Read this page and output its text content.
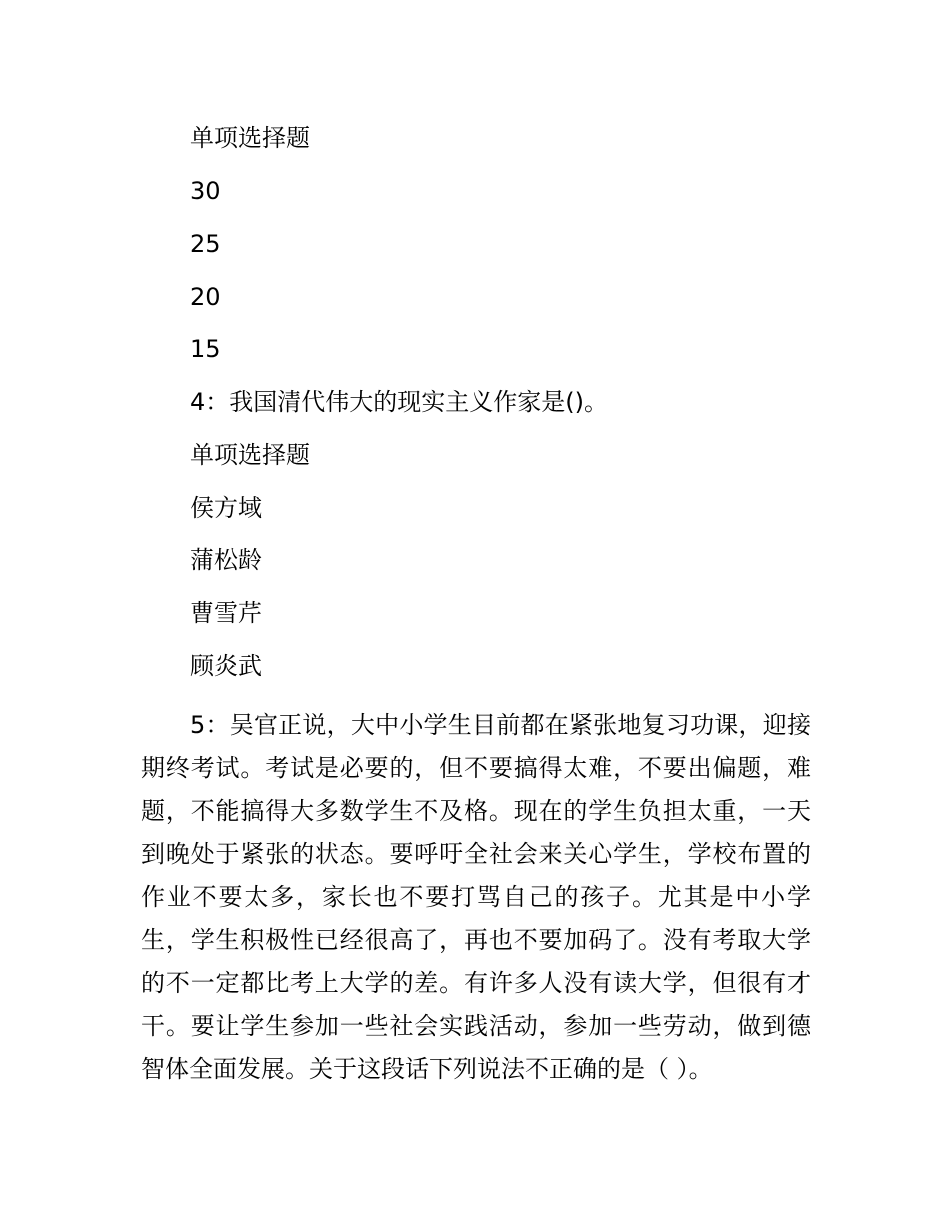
单项选择题
30
25
20
15
4：我国清代伟大的现实主义作家是()。
单项选择题
侯方域
蒲松龄
曹雪芹
顾炎武
5：吴官正说，大中小学生目前都在紧张地复习功课，迎接期终考试。考试是必要的，但不要搞得太难，不要出偏题，难题，不能搞得大多数学生不及格。现在的学生负担太重，一天到晚处于紧张的状态。要呼吁全社会来关心学生，学校布置的作业不要太多，家长也不要打骂自己的孩子。尤其是中小学生，学生积极性已经很高了，再也不要加码了。没有考取大学的不一定都比考上大学的差。有许多人没有读大学，但很有才干。要让学生参加一些社会实践活动，参加一些劳动，做到德智体全面发展。关于这段话下列说法不正确的是（ ）。
